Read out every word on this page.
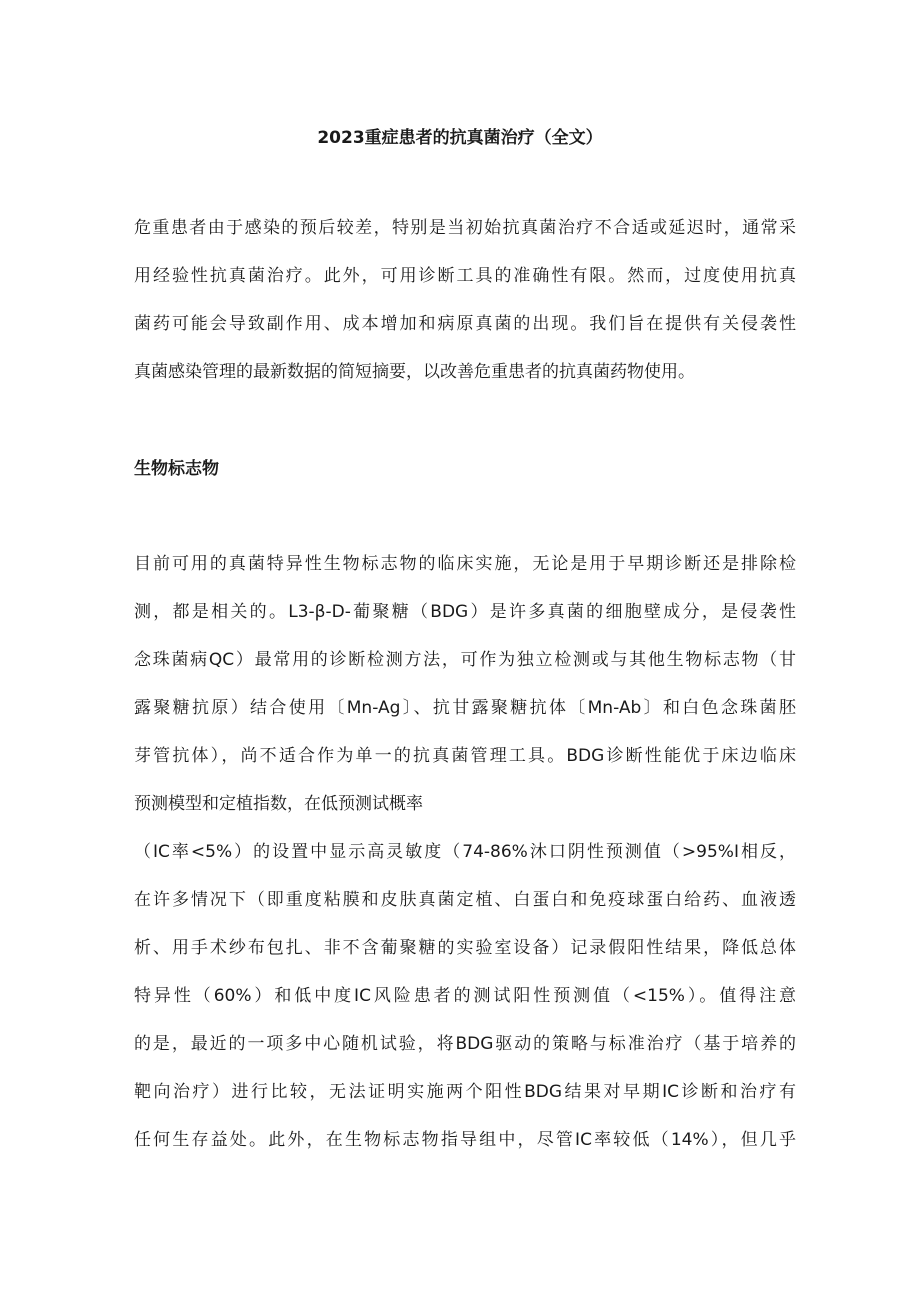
2023重症患者的抗真菌治疗（全文）

危重患者由于感染的预后较差，特别是当初始抗真菌治疗不合适或延迟时，通常采

用经验性抗真菌治疗。此外，可用诊断工具的准确性有限。然而，过度使用抗真

菌药可能会导致副作用、成本增加和病原真菌的出现。我们旨在提供有关侵袭性

真菌感染管理的最新数据的简短摘要，以改善危重患者的抗真菌药物使用。

生物标志物

目前可用的真菌特异性生物标志物的临床实施，无论是用于早期诊断还是排除检

测，都是相关的。L3-β-D-葡聚糖（BDG）是许多真菌的细胞壁成分，是侵袭性

念珠菌病QC）最常用的诊断检测方法，可作为独立检测或与其他生物标志物（甘

露聚糖抗原）结合使用〔Mn-Ag〕、抗甘露聚糖抗体〔Mn-Ab〕和白色念珠菌胚

芽管抗体），尚不适合作为单一的抗真菌管理工具。BDG诊断性能优于床边临床

预测模型和定植指数，在低预测试概率

（IC率<5%）的设置中显示高灵敏度（74-86%沐口阴性预测值（>95%I相反，

在许多情况下（即重度粘膜和皮肤真菌定植、白蛋白和免疫球蛋白给药、血液透

析、用手术纱布包扎、非不含葡聚糖的实验室设备）记录假阳性结果，降低总体

特异性（60%）和低中度IC风险患者的测试阳性预测值（<15%）。值得注意

的是，最近的一项多中心随机试验，将BDG驱动的策略与标准治疗（基于培养的

靶向治疗）进行比较，无法证明实施两个阳性BDG结果对早期IC诊断和治疗有

任何生存益处。此外，在生物标志物指导组中，尽管IC率较低（14%），但几乎
